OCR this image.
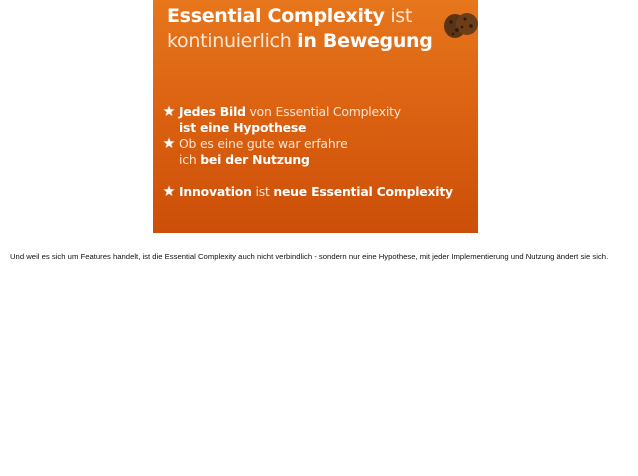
Essential Complexity ist
kontinuierlich in Bewegung
Jedes Bild von Essential Complexity
ist eine Hypothese
Ob es eine gute war erfahre
ich bei der Nutzung
Innovation ist neue Essential Complexity
Und weil es sich um Features handelt, ist die Essential Complexity auch nicht verbindlich - sondern nur eine Hypothese, mit jeder Implementierung und Nutzung ändert sie sich.
